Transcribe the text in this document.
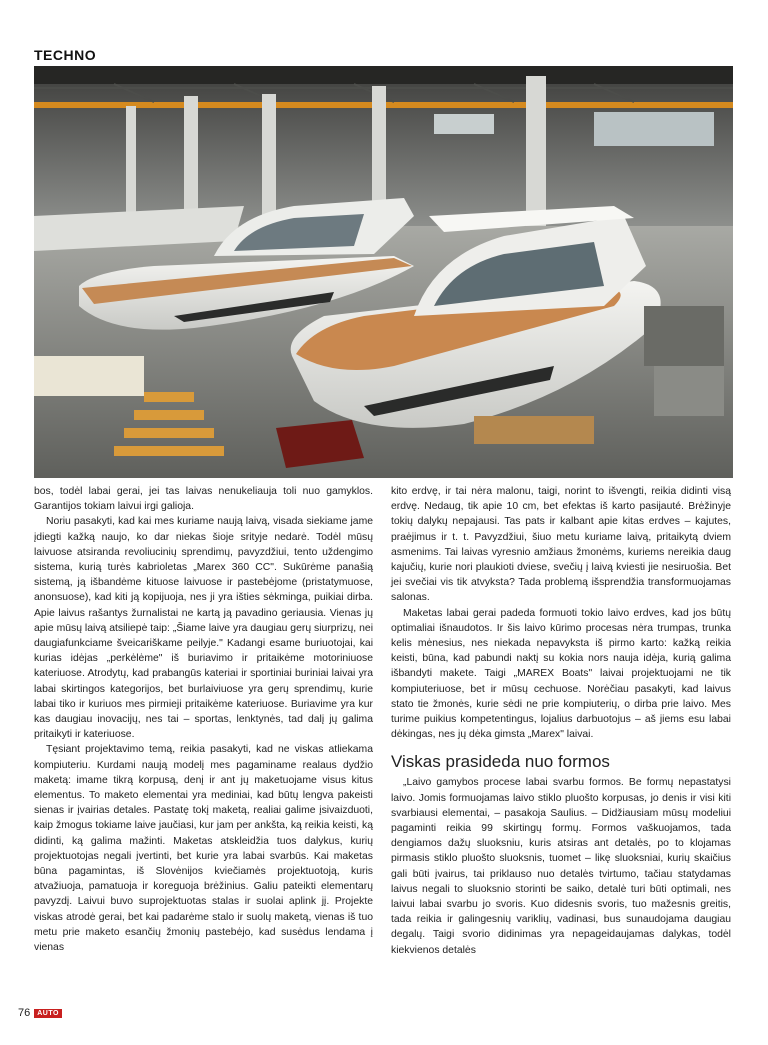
TECHNO

bos, todėl labai gerai, jei tas laivas nenukeliauja toli nuo gamyklos. Garantijos tokiam laivui irgi galioja.

Noriu pasakyti, kad kai mes kuriame naują laivą, visada siekiame jame įdiegti kažką naujo, ko dar niekas šioje srityje nedarė. Todėl mūsų laivuose atsiranda revoliucinių sprendimų, pavyzdžiui, tento uždengimo sistema, kurią turės kabrioletas „Marex 360 CC". Sukūrėme panašią sistemą, ją išbandėme kituose laivuose ir pastebėjome (pristatymuose, anonsuose), kad kiti ją kopijuoja, nes ji yra išties sėkminga, puikiai dirba. Apie laivus rašantys žurnalistai ne kartą ją pavadino geriausia. Vienas jų apie mūsų laivą atsiliepė taip: „Šiame laive yra daugiau gerų siurprizų, nei daugiafunkciame šveicariškame peilyje." Kadangi esame buriuotojai, kai kurias idėjas „perkėlėme" iš buriavimo ir pritaikėme motoriniuose kateriuose. Atrodytų, kad prabangūs kateriai ir sportiniai buriniai laivai yra labai skirtingos kategorijos, bet burlaiviuose yra gerų sprendimų, kurie labai tiko ir kuriuos mes pirmieji pritaikėme kateriuose. Buriavime yra kur kas daugiau inovacijų, nes tai – sportas, lenktynės, tad dalį jų galima pritaikyti ir kateriuose.

Tęsiant projektavimo temą, reikia pasakyti, kad ne viskas atliekama kompiuteriu. Kurdami naują modelį mes pagaminame realaus dydžio maketą: imame tikrą korpusą, denį ir ant jų maketuojame visus kitus elementus. To maketo elementai yra mediniai, kad būtų lengva pakeisti sienas ir įvairias detales. Pastatę tokį maketą, realiai galime įsivaizduoti, kaip žmogus tokiame laive jaučiasi, kur jam per ankšta, ką reikia keisti, ką didinti, ką galima mažinti. Maketas atskleidžia tuos dalykus, kurių projektuotojas negali įvertinti, bet kurie yra labai svarbūs. Kai maketas būna pagamintas, iš Slovėnijos kviečiamės projektuotoją, kuris atvažiuoja, pamatuoja ir koreguoja brėžinius. Galiu pateikti elementarų pavyzdį. Laivui buvo suprojektuotas stalas ir suolai aplink jį. Projekte viskas atrodė gerai, bet kai padarėme stalo ir suolų maketą, vienas iš tuo metu prie maketo esančių žmonių pastebėjo, kad susėdus lendama į vienas

kito erdvę, ir tai nėra malonu, taigi, norint to išvengti, reikia didinti visą erdvę. Nedaug, tik apie 10 cm, bet efektas iš karto pasijauté. Brėžinyje tokių dalykų nepajausi. Tas pats ir kalbant apie kitas erdves – kajutes, praėjimus ir t. t. Pavyzdžiui, šiuo metu kuriame laivą, pritaikytą dviem asmenims. Tai laivas vyresnio amžiaus žmonėms, kuriems nereikia daug kajučių, kurie nori plaukioti dviese, svečių į laivą kviesti jie nesiruošia. Bet jei svečiai vis tik atvyksta? Tada problemą išsprendžia transformuojamas salonas.

Maketas labai gerai padeda formuoti tokio laivo erdves, kad jos būtų optimaliai išnaudotos. Ir šis laivo kūrimo procesas nėra trumpas, trunka kelis mėnesius, nes niekada nepavyksta iš pirmo karto: kažką reikia keisti, būna, kad pabundi naktį su kokia nors nauja idėja, kurią galima išbandyti makete. Taigi „MAREX Boats" laivai projektuojami ne tik kompiuteriuose, bet ir mūsų cechuose. Norėčiau pasakyti, kad laivus stato tie žmonės, kurie sėdi ne prie kompiuterių, o dirba prie laivo. Mes turime puikius kompetentingus, lojalius darbuotojus – aš jiems esu labai dėkingas, nes jų dėka gimsta „Marex" laivai.

Viskas prasideda nuo formos

„Laivo gamybos procese labai svarbu formos. Be formų nepastatysi laivo. Jomis formuojamas laivo stiklo pluošto korpusas, jo denis ir visi kiti svarbiausi elementai, – pasakoja Saulius. – Didžiausiam mūsų modeliui pagaminti reikia 99 skirtingų formų. Formos vaškuojamos, tada dengiamos dažų sluoksniu, kuris atsiras ant detalės, po to klojamas pirmasis stiklo pluošto sluoksnis, tuomet – likę sluoksniai, kurių skaičius gali būti įvairus, tai priklauso nuo detalės tvirtumo, tačiau statydamas laivus negali to sluoksnio storinti be saiko, detalė turi būti optimali, nes laivui labai svarbu jo svoris. Kuo didesnis svoris, tuo mažesnis greitis, tada reikia ir galingesnių variklių, vadinasi, bus sunaudojama daugiau degalų. Taigi svorio didinimas yra nepageidaujamas dalykas, todėl kiekvienos detalės

76	AUTO
